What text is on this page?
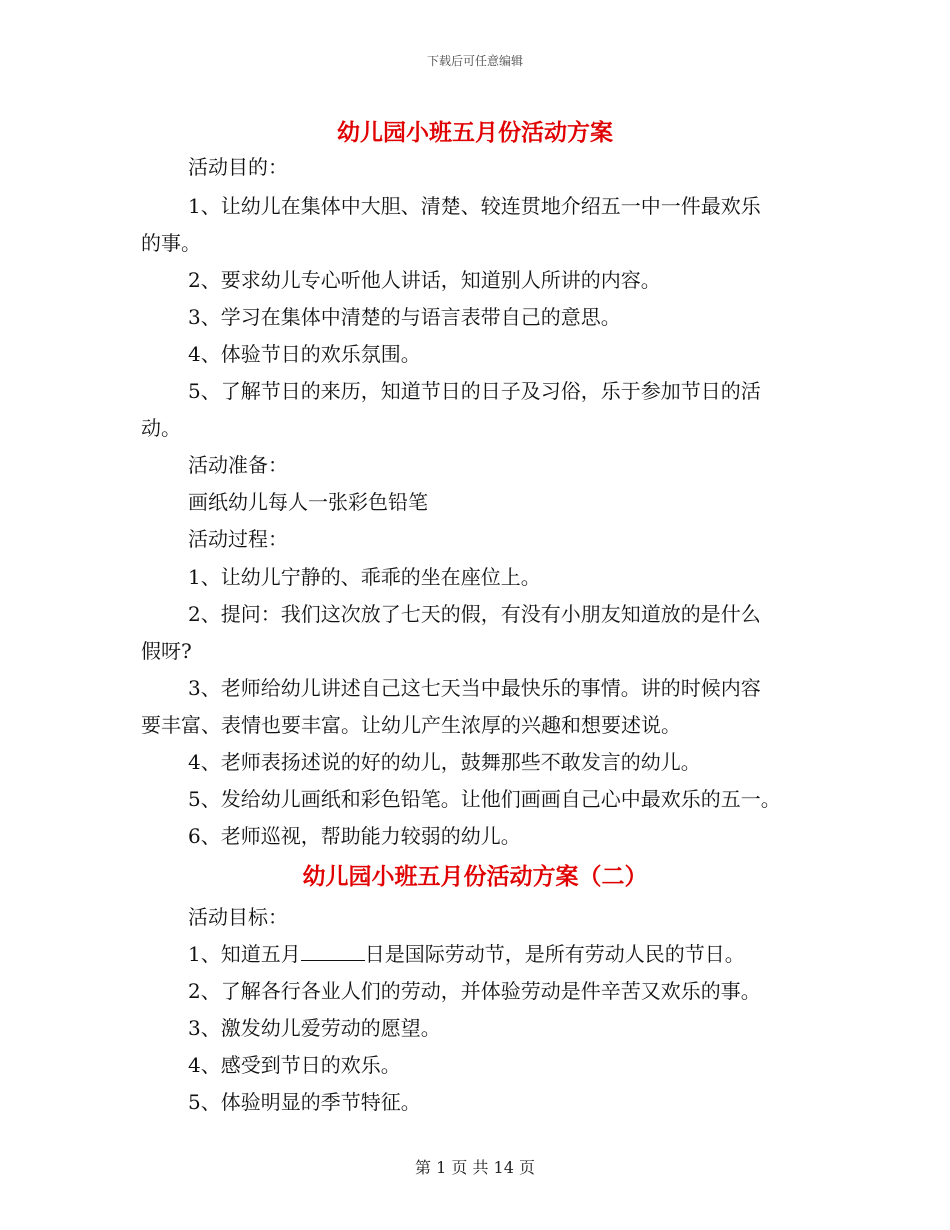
下载后可任意编辑
幼儿园小班五月份活动方案

活动目的：

1、让幼儿在集体中大胆、清楚、较连贯地介绍五一中一件最欢乐

的事。

2、要求幼儿专心听他人讲话，知道别人所讲的内容。

3、学习在集体中清楚的与语言表带自己的意思。

4、体验节日的欢乐氛围。

5、了解节日的来历，知道节日的日子及习俗，乐于参加节日的活

动。

活动准备：

画纸幼儿每人一张彩色铅笔

活动过程：

1、让幼儿宁静的、乖乖的坐在座位上。

2、提问：我们这次放了七天的假，有没有小朋友知道放的是什么

假呀?

3、老师给幼儿讲述自己这七天当中最快乐的事情。讲的时候内容

要丰富、表情也要丰富。让幼儿产生浓厚的兴趣和想要述说。

4、老师表扬述说的好的幼儿，鼓舞那些不敢发言的幼儿。

5、发给幼儿画纸和彩色铅笔。让他们画画自己心中最欢乐的五一。

6、老师巡视，帮助能力较弱的幼儿。

幼儿园小班五月份活动方案（二）

活动目标：

1、知道五月	日是国际劳动节，是所有劳动人民的节日。

2、了解各行各业人们的劳动，并体验劳动是件辛苦又欢乐的事。

3、激发幼儿爱劳动的愿望。

4、感受到节日的欢乐。

5、体验明显的季节特征。

第 1 页 共 14 页
